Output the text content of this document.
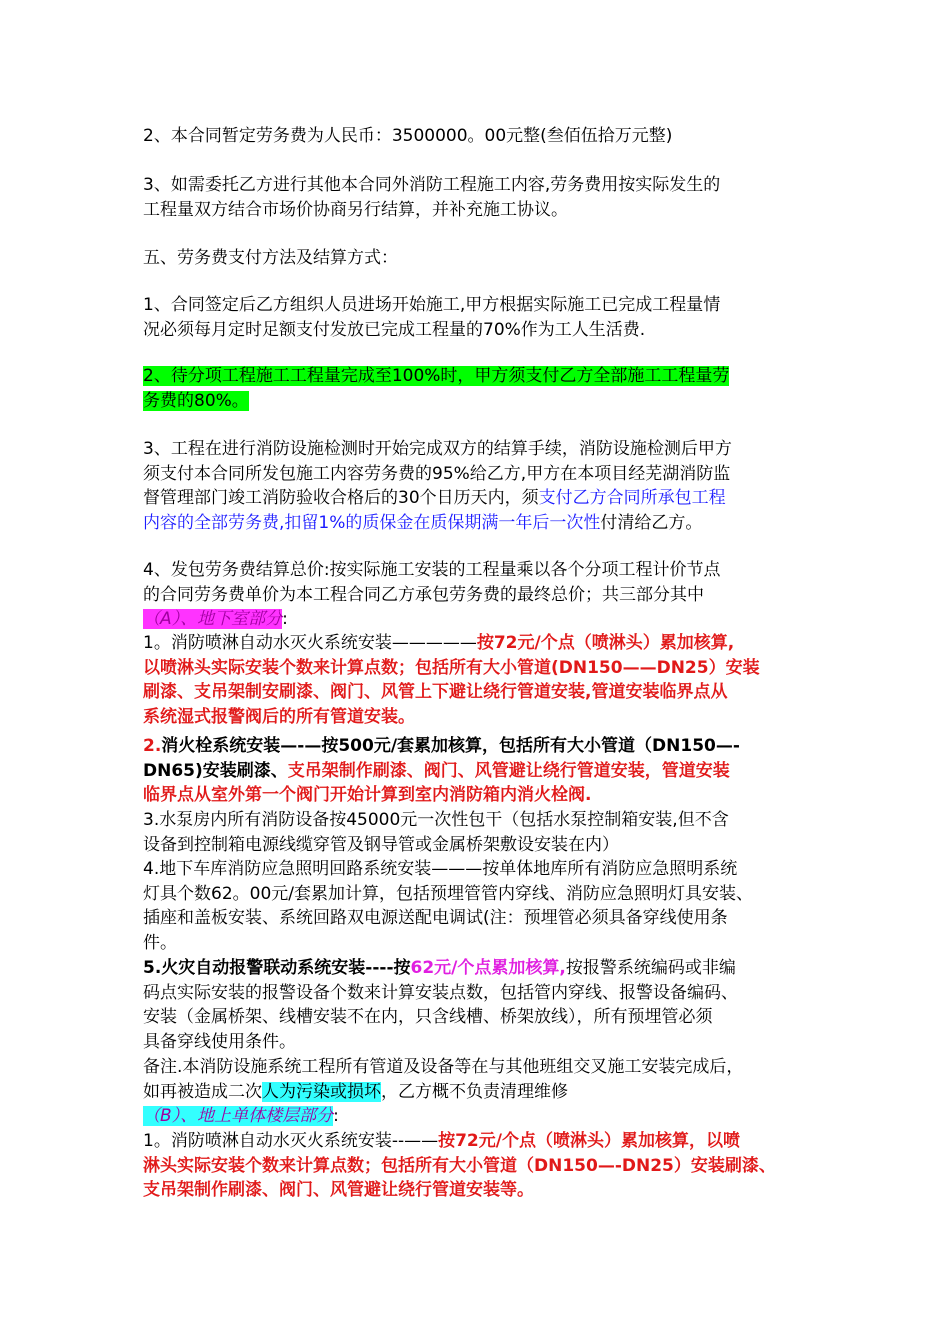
2、本合同暂定劳务费为人民币：3500000。00元整(叁佰伍拾万元整)
3、如需委托乙方进行其他本合同外消防工程施工内容,劳务费用按实际发生的
工程量双方结合市场价协商另行结算，并补充施工协议。
五、劳务费支付方法及结算方式：
1、合同签定后乙方组织人员进场开始施工,甲方根据实际施工已完成工程量情
况必须每月定时足额支付发放已完成工程量的70%作为工人生活费.
2、待分项工程施工工程量完成至100%时，甲方须支付乙方全部施工工程量劳
务费的80%。
3、工程在进行消防设施检测时开始完成双方的结算手续，消防设施检测后甲方
须支付本合同所发包施工内容劳务费的95%给乙方,甲方在本项目经芜湖消防监
督管理部门竣工消防验收合格后的30个日历天内，须支付乙方合同所承包工程
内容的全部劳务费,扣留1%的质保金在质保期满一年后一次性付清给乙方。
4、发包劳务费结算总价:按实际施工安装的工程量乘以各个分项工程计价节点
的合同劳务费单价为本工程合同乙方承包劳务费的最终总价；共三部分其中
（A）、地下室部分:
1。消防喷淋自动水灭火系统安装—————按72元/个点（喷淋头）累加核算,
以喷淋头实际安装个数来计算点数；包括所有大小管道(DN150——DN25）安装
刷漆、支吊架制安刷漆、阀门、风管上下避让绕行管道安装,管道安装临界点从
系统湿式报警阀后的所有管道安装。
2.消火栓系统安装—-—按500元/套累加核算，包括所有大小管道（DN150—-
DN65)安装刷漆、支吊架制作刷漆、阀门、风管避让绕行管道安装，管道安装
临界点从室外第一个阀门开始计算到室内消防箱内消火栓阀.
3.水泵房内所有消防设备按45000元一次性包干（包括水泵控制箱安装,但不含
设备到控制箱电源线缆穿管及钢导管或金属桥架敷设安装在内）
4.地下车库消防应急照明回路系统安装———按单体地库所有消防应急照明系统
灯具个数62。00元/套累加计算，包括预埋管管内穿线、消防应急照明灯具安装、
插座和盖板安装、系统回路双电源送配电调试(注：预埋管必须具备穿线使用条
件。
5.火灾自动报警联动系统安装----按62元/个点累加核算,按报警系统编码或非编
码点实际安装的报警设备个数来计算安装点数，包括管内穿线、报警设备编码、
安装（金属桥架、线槽安装不在内，只含线槽、桥架放线），所有预埋管必须
具备穿线使用条件。
备注.本消防设施系统工程所有管道及设备等在与其他班组交叉施工安装完成后，
如再被造成二次人为污染或损坏，乙方概不负责清理维修
（B）、地上单体楼层部分:
1。消防喷淋自动水灭火系统安装--——按72元/个点（喷淋头）累加核算，以喷
淋头实际安装个数来计算点数；包括所有大小管道（DN150—-DN25）安装刷漆、
支吊架制作刷漆、阀门、风管避让绕行管道安装等。
